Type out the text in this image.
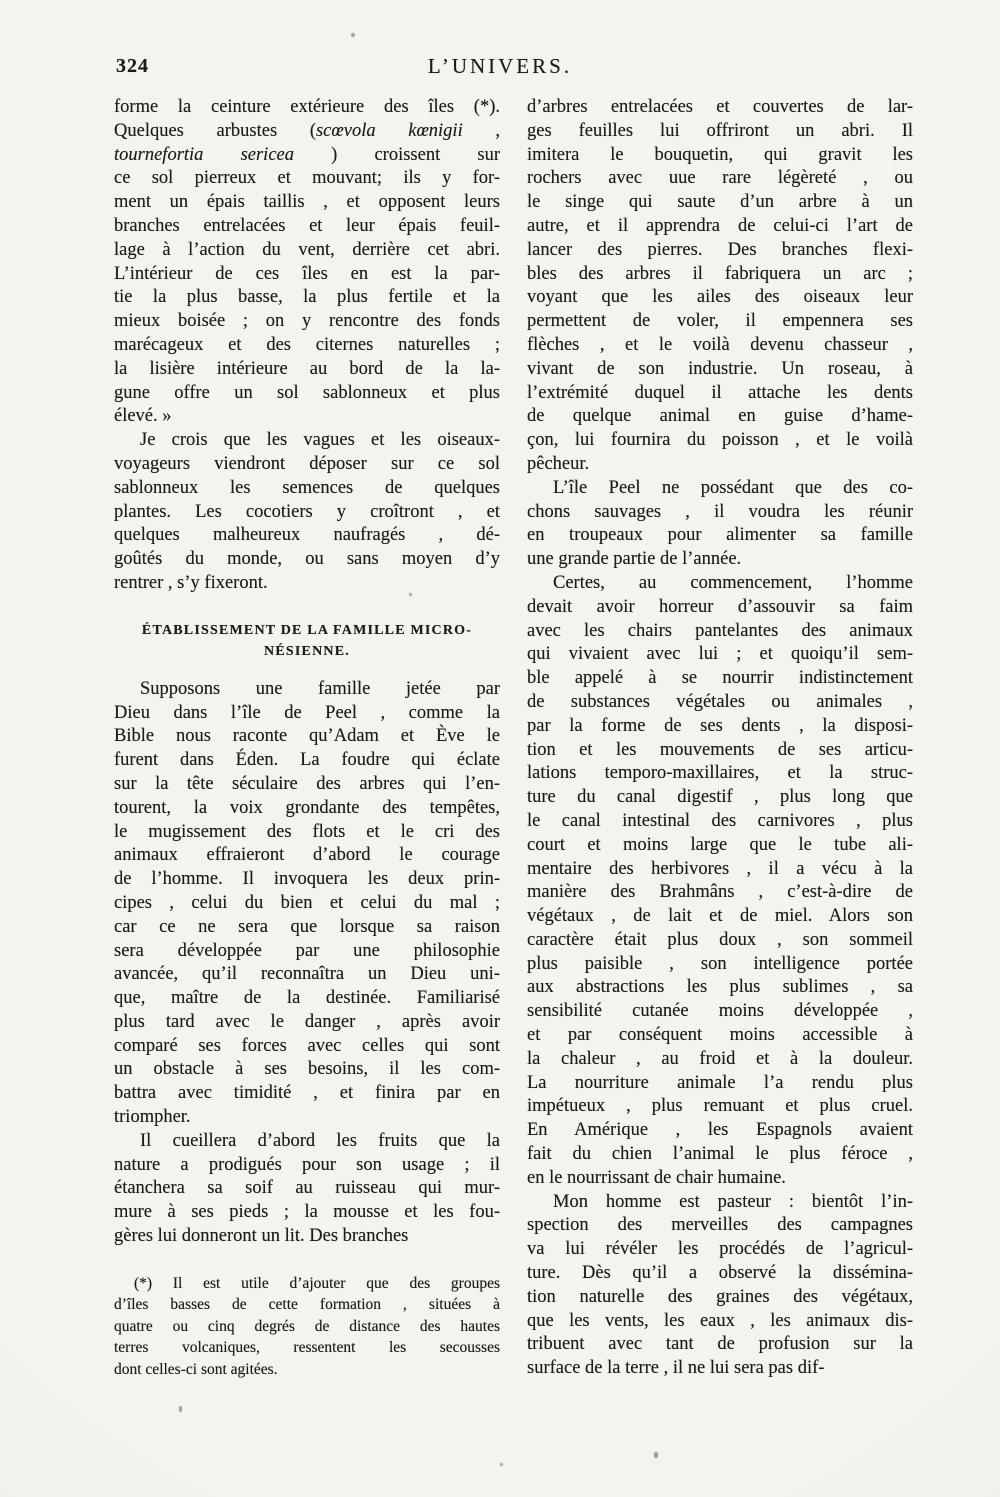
324	L’UNIVERS.
forme la ceinture extérieure des îles (*).
Quelques arbustes (scœvola kœnigii ,
tournefortia sericea ) croissent sur
ce sol pierreux et mouvant; ils y for-
ment un épais taillis , et opposent leurs
branches entrelacées et leur épais feuil-
lage à l’action du vent, derrière cet abri.
L’intérieur de ces îles en est la par-
tie la plus basse, la plus fertile et la
mieux boisée ; on y rencontre des fonds
marécageux et des citernes naturelles ;
la lisière intérieure au bord de la la-
gune offre un sol sablonneux et plus
élevé. »
Je crois que les vagues et les oiseaux-
voyageurs viendront déposer sur ce sol
sablonneux les semences de quelques
plantes. Les cocotiers y croîtront , et
quelques malheureux naufragés , dé-
goûtés du monde, ou sans moyen d’y
rentrer , s’y fixeront.
ÉTABLISSEMENT DE LA FAMILLE MICRO-
NÉSIENNE.
Supposons une famille jetée par
Dieu dans l’île de Peel , comme la
Bible nous raconte qu’Adam et Ève le
furent dans Éden. La foudre qui éclate
sur la tête séculaire des arbres qui l’en-
tourent, la voix grondante des tempêtes,
le mugissement des flots et le cri des
animaux effraieront d’abord le courage
de l’homme. Il invoquera les deux prin-
cipes , celui du bien et celui du mal ;
car ce ne sera que lorsque sa raison
sera développée par une philosophie
avancée, qu’il reconnaîtra un Dieu uni-
que, maître de la destinée. Familiarisé
plus tard avec le danger , après avoir
comparé ses forces avec celles qui sont
un obstacle à ses besoins, il les com-
battra avec timidité , et finira par en
triompher.
Il cueillera d’abord les fruits que la
nature a prodigués pour son usage ; il
étanchera sa soif au ruisseau qui mur-
mure à ses pieds ; la mousse et les fou-
gères lui donneront un lit. Des branches
(*) Il est utile d’ajouter que des groupes
d’îles basses de cette formation , situées à
quatre ou cinq degrés de distance des hautes
terres volcaniques, ressentent les secousses
dont celles-ci sont agitées.
d’arbres entrelacées et couvertes de lar-
ges feuilles lui offriront un abri. Il
imitera le bouquetin, qui gravit les
rochers avec uue rare légèreté , ou
le singe qui saute d’un arbre à un
autre, et il apprendra de celui-ci l’art de
lancer des pierres. Des branches flexi-
bles des arbres il fabriquera un arc ;
voyant que les ailes des oiseaux leur
permettent de voler, il empennera ses
flèches , et le voilà devenu chasseur ,
vivant de son industrie. Un roseau, à
l’extrémité duquel il attache les dents
de quelque animal en guise d’hame-
çon, lui fournira du poisson , et le voilà
pêcheur.
L’île Peel ne possédant que des co-
chons sauvages , il voudra les réunir
en troupeaux pour alimenter sa famille
une grande partie de l’année.
Certes, au commencement, l’homme
devait avoir horreur d’assouvir sa faim
avec les chairs pantelantes des animaux
qui vivaient avec lui ; et quoiqu’il sem-
ble appelé à se nourrir indistinctement
de substances végétales ou animales ,
par la forme de ses dents , la disposi-
tion et les mouvements de ses articu-
lations temporo-maxillaires, et la struc-
ture du canal digestif , plus long que
le canal intestinal des carnivores , plus
court et moins large que le tube ali-
mentaire des herbivores , il a vécu à la
manière des Brahmâns , c’est-à-dire de
végétaux , de lait et de miel. Alors son
caractère était plus doux , son sommeil
plus paisible , son intelligence portée
aux abstractions les plus sublimes , sa
sensibilité cutanée moins développée ,
et par conséquent moins accessible à
la chaleur , au froid et à la douleur.
La nourriture animale l’a rendu plus
impétueux , plus remuant et plus cruel.
En Amérique , les Espagnols avaient
fait du chien l’animal le plus féroce ,
en le nourrissant de chair humaine.
Mon homme est pasteur : bientôt l’in-
spection des merveilles des campagnes
va lui révéler les procédés de l’agricul-
ture. Dès qu’il a observé la dissémina-
tion naturelle des graines des végétaux,
que les vents, les eaux , les animaux dis-
tribuent avec tant de profusion sur la
surface de la terre , il ne lui sera pas dif-
